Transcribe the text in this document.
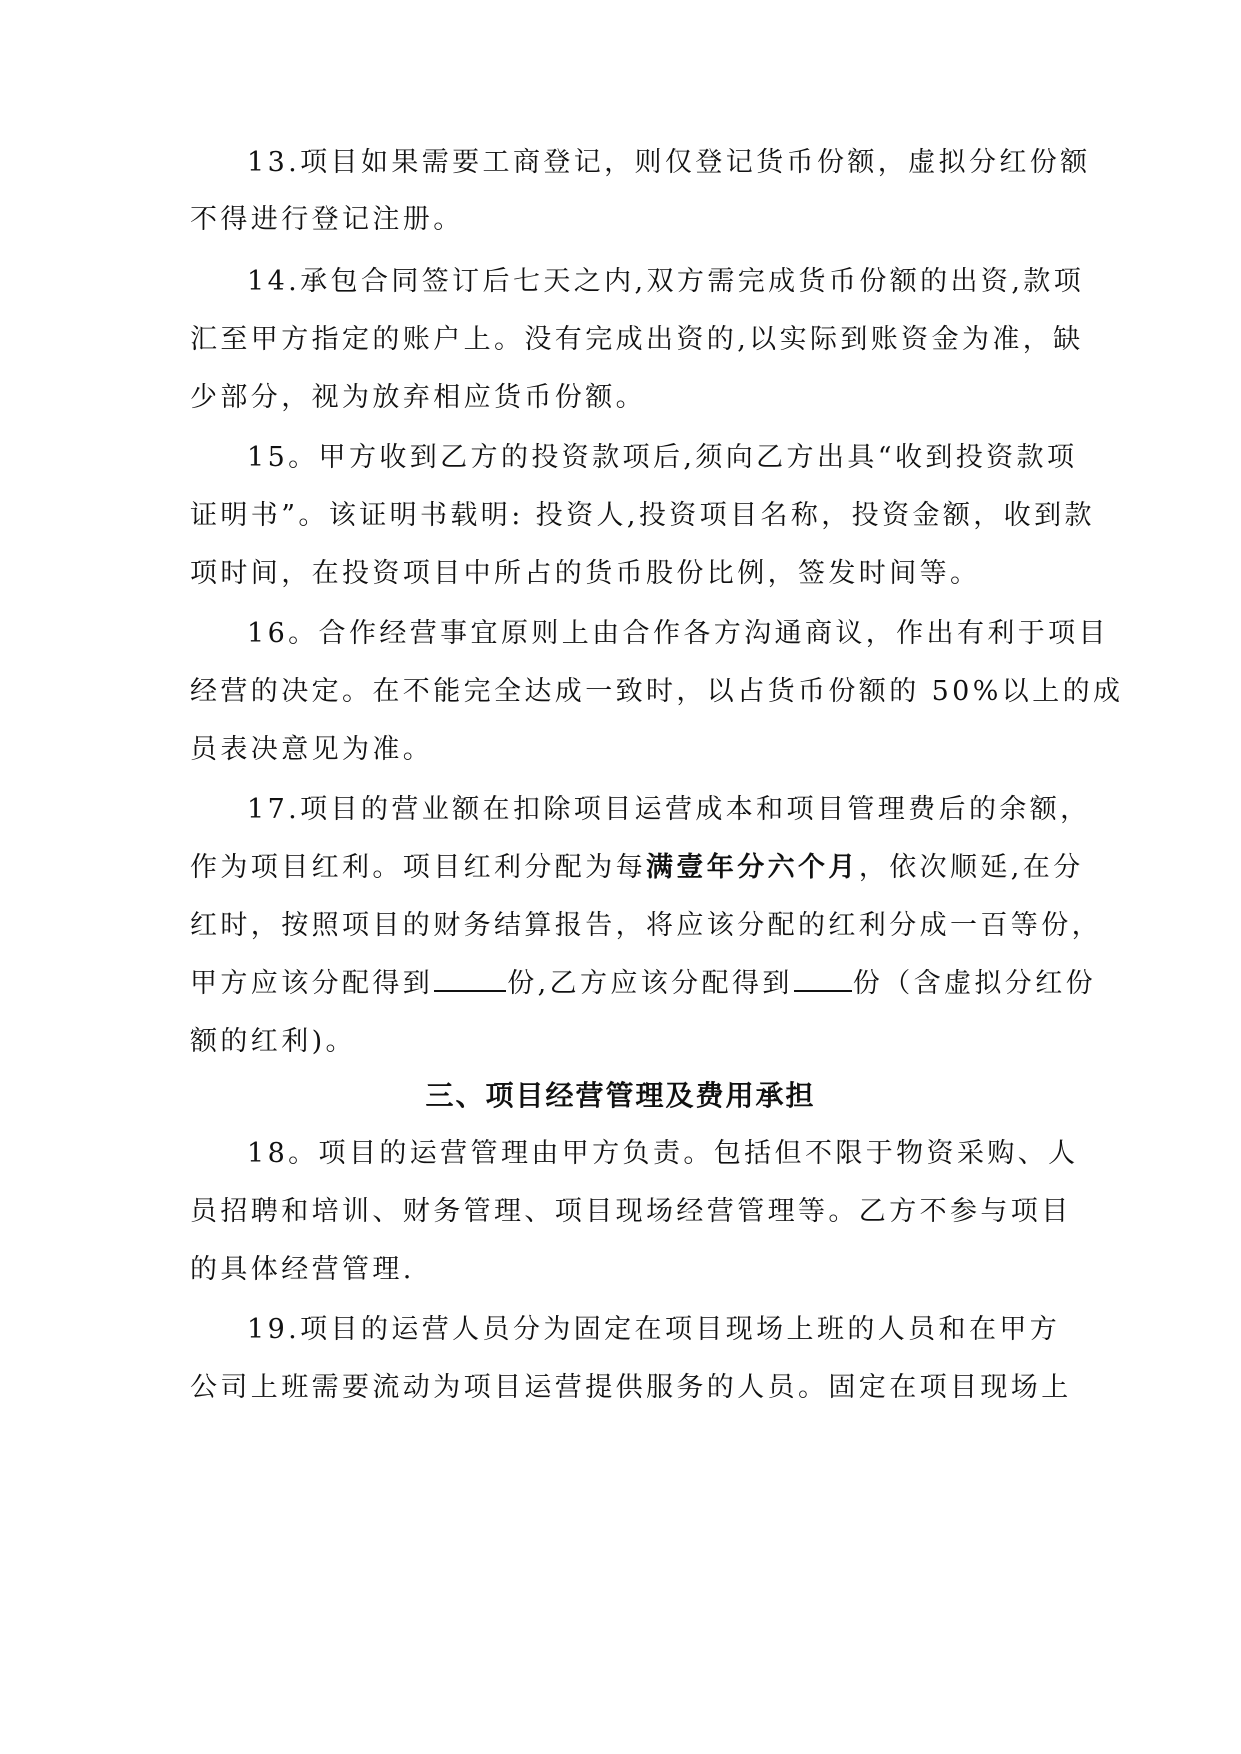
13.项目如果需要工商登记，则仅登记货币份额，虚拟分红份额
不得进行登记注册。
14.承包合同签订后七天之内,双方需完成货币份额的出资,款项
汇至甲方指定的账户上。没有完成出资的,以实际到账资金为准，缺
少部分，视为放弃相应货币份额。
15。甲方收到乙方的投资款项后,须向乙方出具“收到投资款项
证明书”。该证明书载明: 投资人,投资项目名称，投资金额，收到款
项时间，在投资项目中所占的货币股份比例，签发时间等。
16。合作经营事宜原则上由合作各方沟通商议，作出有利于项目
经营的决定。在不能完全达成一致时，以占货币份额的 50%以上的成
员表决意见为准。
17.项目的营业额在扣除项目运营成本和项目管理费后的余额，
作为项目红利。项目红利分配为每满壹年分六个月，依次顺延,在分
红时，按照项目的财务结算报告，将应该分配的红利分成一百等份，
甲方应该分配得到	份,乙方应该分配得到 份（含虚拟分红份
额的红利)。
三、项目经营管理及费用承担
18。项目的运营管理由甲方负责。包括但不限于物资采购、人
员招聘和培训、财务管理、项目现场经营管理等。乙方不参与项目
的具体经营管理.
19.项目的运营人员分为固定在项目现场上班的人员和在甲方
公司上班需要流动为项目运营提供服务的人员。固定在项目现场上
